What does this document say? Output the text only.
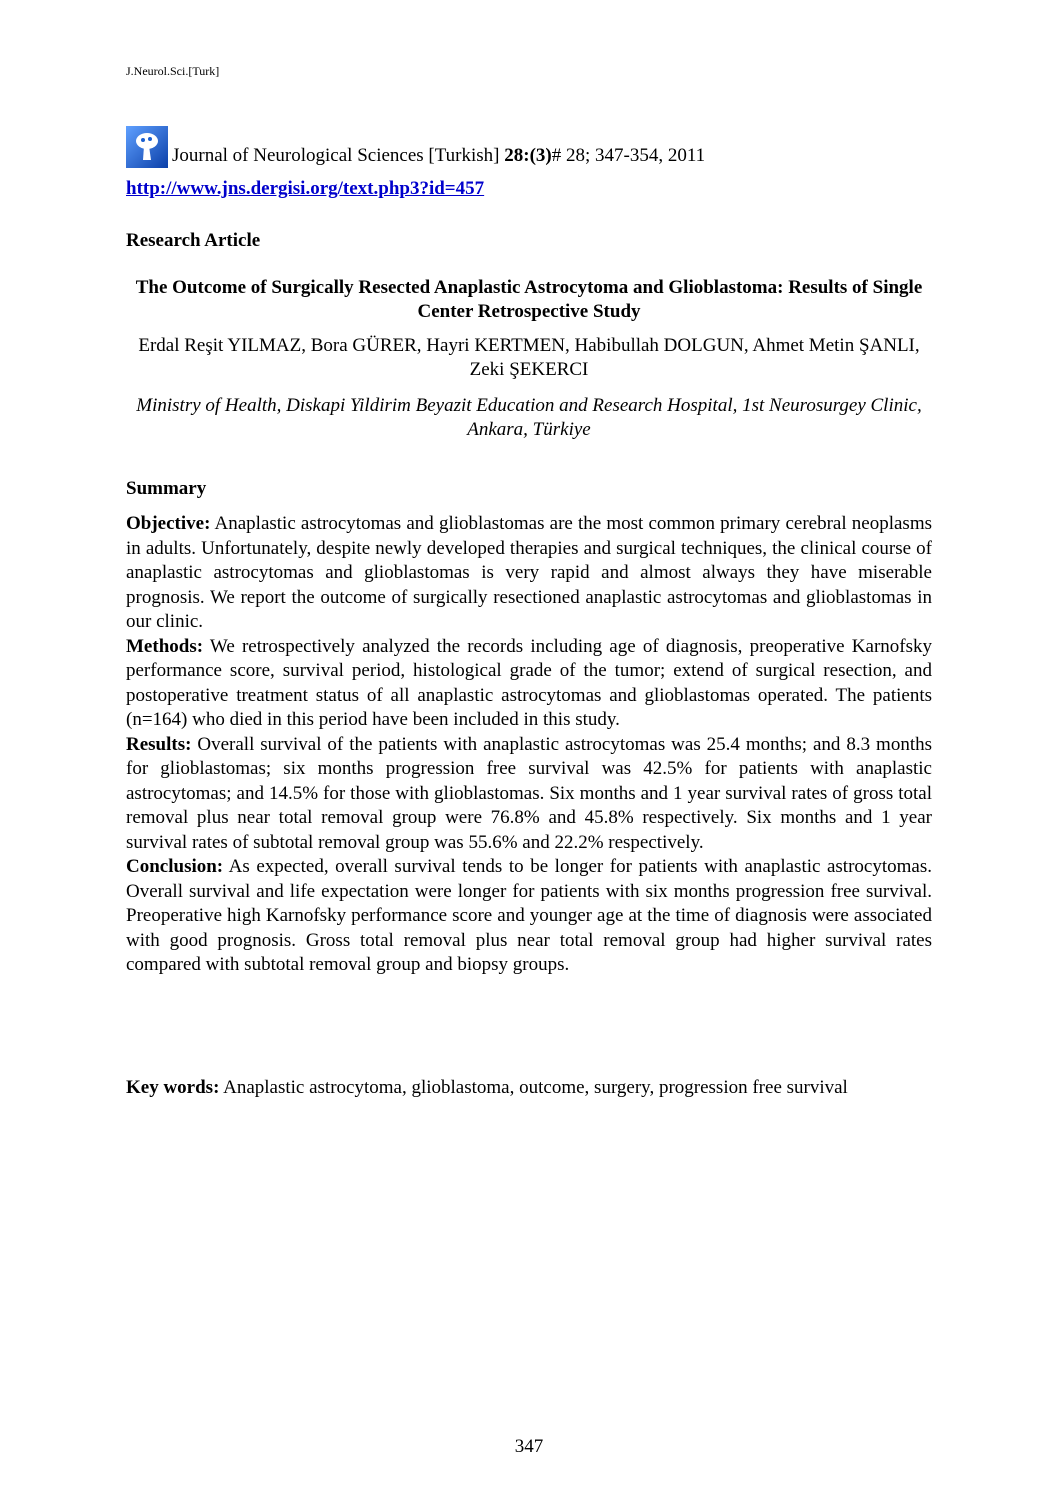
J.Neurol.Sci.[Turk]
Journal of Neurological Sciences [Turkish] 28:(3)# 28; 347-354, 2011
http://www.jns.dergisi.org/text.php3?id=457
Research Article
The Outcome of Surgically Resected Anaplastic Astrocytoma and Glioblastoma: Results of Single Center Retrospective Study
Erdal Reşit YILMAZ, Bora GÜRER, Hayri KERTMEN, Habibullah DOLGUN, Ahmet Metin ŞANLI, Zeki ŞEKERCI
Ministry of Health, Diskapi Yildirim Beyazit Education and Research Hospital, 1st Neurosurgey Clinic, Ankara, Türkiye
Summary

Objective: Anaplastic astrocytomas and glioblastomas are the most common primary cerebral neoplasms in adults. Unfortunately, despite newly developed therapies and surgical techniques, the clinical course of anaplastic astrocytomas and glioblastomas is very rapid and almost always they have miserable prognosis. We report the outcome of surgically resectioned anaplastic astrocytomas and glioblastomas in our clinic.

Methods: We retrospectively analyzed the records including age of diagnosis, preoperative Karnofsky performance score, survival period, histological grade of the tumor; extend of surgical resection, and postoperative treatment status of all anaplastic astrocytomas and glioblastomas operated. The patients (n=164) who died in this period have been included in this study.

Results: Overall survival of the patients with anaplastic astrocytomas was 25.4 months; and 8.3 months for glioblastomas; six months progression free survival was 42.5% for patients with anaplastic astrocytomas; and 14.5% for those with glioblastomas. Six months and 1 year survival rates of gross total removal plus near total removal group were 76.8% and 45.8% respectively. Six months and 1 year survival rates of subtotal removal group was 55.6% and 22.2% respectively.

Conclusion: As expected, overall survival tends to be longer for patients with anaplastic astrocytomas. Overall survival and life expectation were longer for patients with six months progression free survival. Preoperative high Karnofsky performance score and younger age at the time of diagnosis were associated with good prognosis. Gross total removal plus near total removal group had higher survival rates compared with subtotal removal group and biopsy groups.

Key words: Anaplastic astrocytoma, glioblastoma, outcome, surgery, progression free survival
347
